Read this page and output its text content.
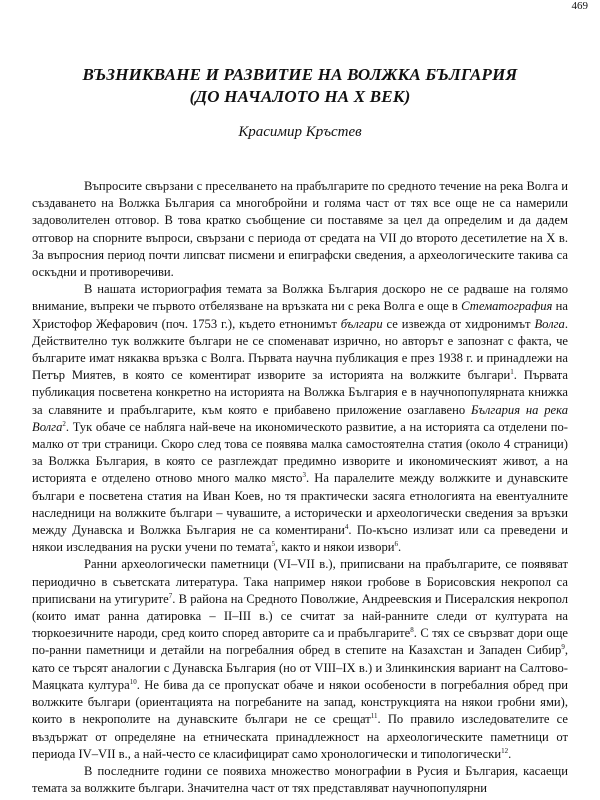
469
ВЪЗНИКВАНЕ И РАЗВИТИЕ НА ВОЛЖКА БЪЛГАРИЯ
(ДО НАЧАЛОТО НА X ВЕК)
Красимир Кръстев

Въпросите свързани с преселването на прабългарите по средното течение на река Волга и създаването на Волжка България са многобройни и голяма част от тях все още не са намерили задоволителен отговор. В това кратко съобщение си поставяме за цел да определим и да дадем отговор на спорните въпроси, свързани с периода от средата на VII до второто десетилетие на X в. За въпросния период почти липсват писмени и епиграфски сведения, а археологическите такива са оскъдни и противоречиви.

В нашата историография темата за Волжка България доскоро не се радваше на голямо внимание, въпреки че първото отбелязване на връзката ни с река Волга е още в Стематография на Христофор Жефарович (поч. 1753 г.), където етнонимът българи се извежда от хидронимът Волга. Действително тук волжките българи не се споменават изрично, но авторът е запознат с факта, че българите имат някаква връзка с Волга. Първата научна публикация е през 1938 г. и принадлежи на Петър Миятев, в която се коментират изворите за историята на волжките българи$^1$. Първата публикация посветена конкретно на историята на Волжка България е в научнопопулярната книжка за славяните и прабългарите, към която е прибавено приложение озаглавено България на река Волга$^2$. Тук обаче се наблягa най-вече на икономическото развитие, а на историята са отделени по-малко от три страници. Скоро след това се появява малка самостоятелна статия (около 4 страници) за Волжка България, в която се разглеждат предимно изворите и икономическият живот, а на историята е отделено отново много малко място$^3$. На паралелите между волжките и дунавските българи е посветена статия на Иван Коев, но тя практически засяга етнологията на евентуалните наследници на волжките българи – чувашите, а исторически и археологически сведения за връзки между Дунавска и Волжка България не са коментирани$^4$. По-късно излизат или са преведени и някои изследвания на руски учени по темата$^5$, както и някои извори$^6$.

Ранни археологически паметници (VI–VII в.), приписвани на прабългарите, се появяват периодично в съветската литература. Така например някои гробове в Борисовския некропол са приписвани на утигурите$^7$. В района на Средното Поволжие, Андреевския и Писералския некропол (които имат ранна датировка – II–III в.) се считат за най-ранните следи от културата на тюркоезичните народи, сред които според авторите са и прабългарите$^8$. С тях се свързват дори още по-ранни паметници и детайли на погребалния обред в степите на Казахстан и Западен Сибир$^9$, като се търсят аналогии с Дунавска България (но от VIII–IX в.) и Злинкинския вариант на Салтово-Маяцката култура$^{10}$. Не бива да се пропускат обаче и някои особености в погребалния обред при волжките българи (ориентацията на погребаните на запад, конструкцията на някои гробни ями), които в некрополите на дунавските българи не се срещат$^{11}$. По правило изследователите се въздържат от определяне на етническата принадлежност на археологическите паметници от периода IV–VII в., а най-често се класифицират само хронологически и типологически$^{12}$.

В последните години се появиха множество монографии в Русия и България, касаещи темата за волжките българи. Значителна част от тях представляват научнопопулярни
